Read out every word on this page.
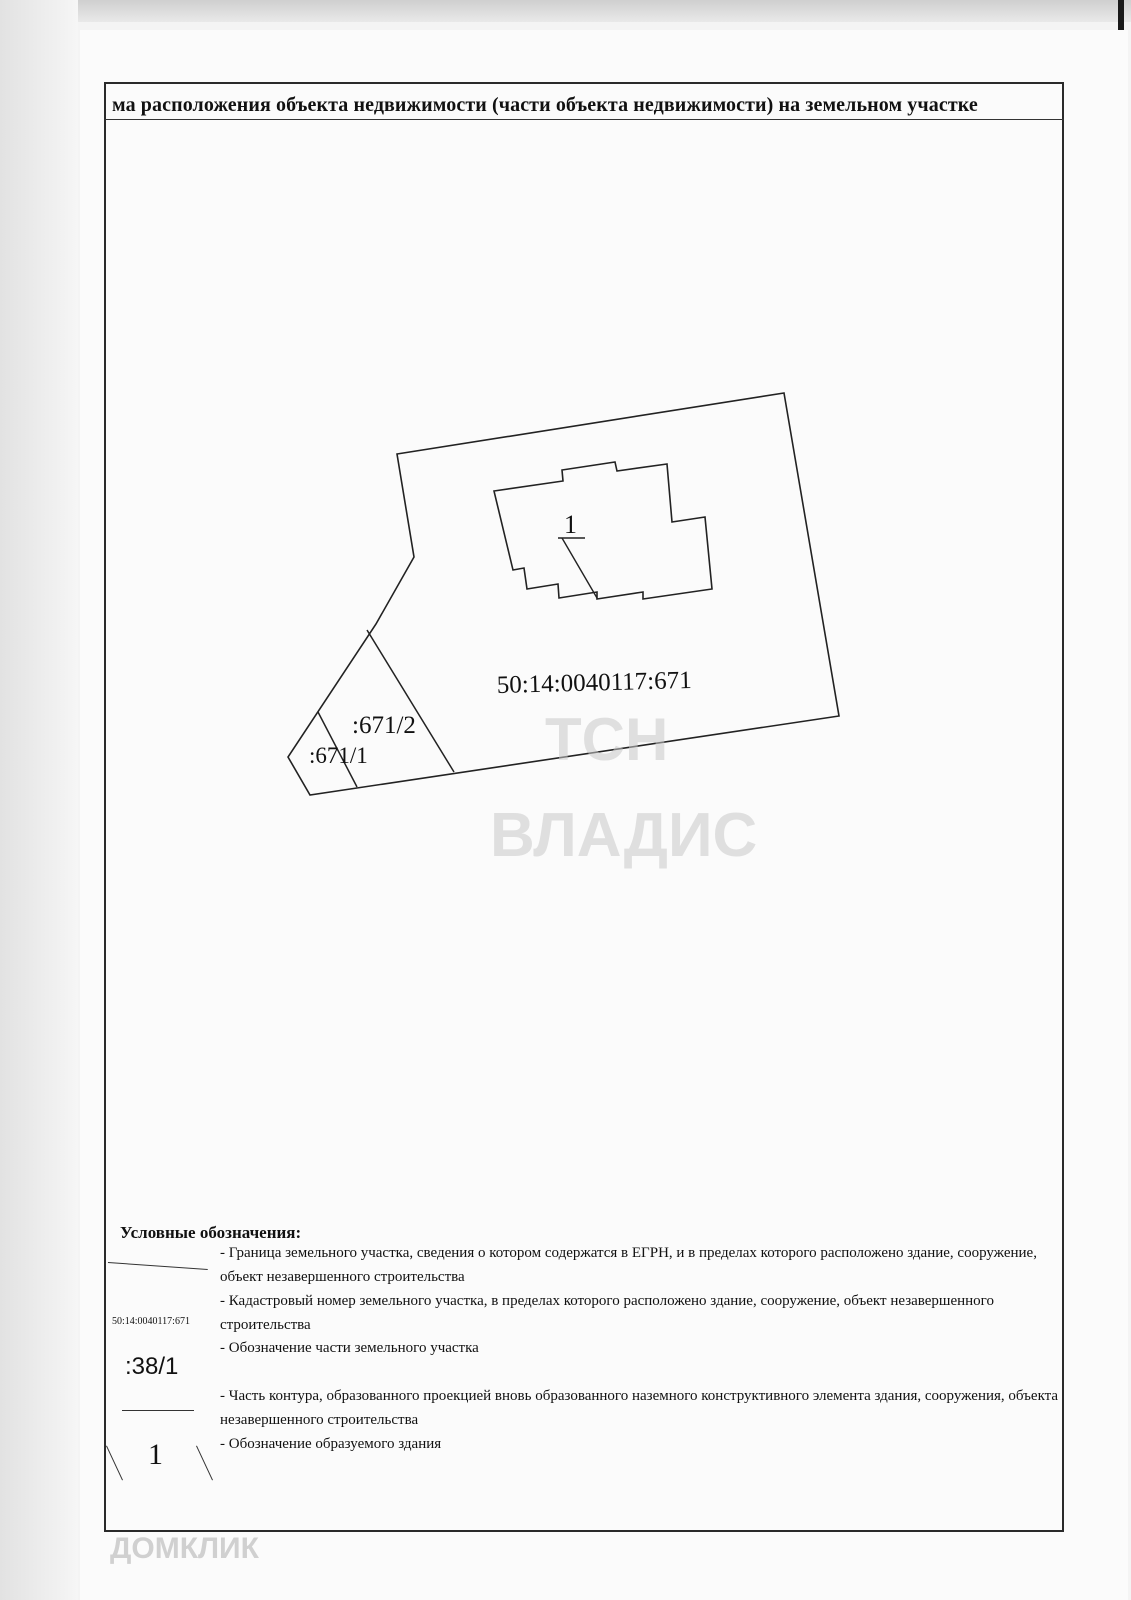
ма расположения объекта недвижимости (части объекта недвижимости) на земельном участке
1
50:14:0040117:671
:671/2
:671/1	ТСН
ВЛАДИС
ДОМКЛИК
Условные обозначения:
- Граница земельного участка, сведения о котором содержатся в ЕГРН, и в пределах которого расположено здание, сооружение, объект незавершенного строительства
50:14:0040117:671
- Кадастровый номер земельного участка, в пределах которого расположено здание, сооружение, объект незавершенного строительства
:38/1
- Обозначение части земельного участка
- Часть контура, образованного проекцией вновь образованного наземного конструктивного элемента здания, сооружения, объекта незавершенного строительства
1	- Обозначение образуемого здания
